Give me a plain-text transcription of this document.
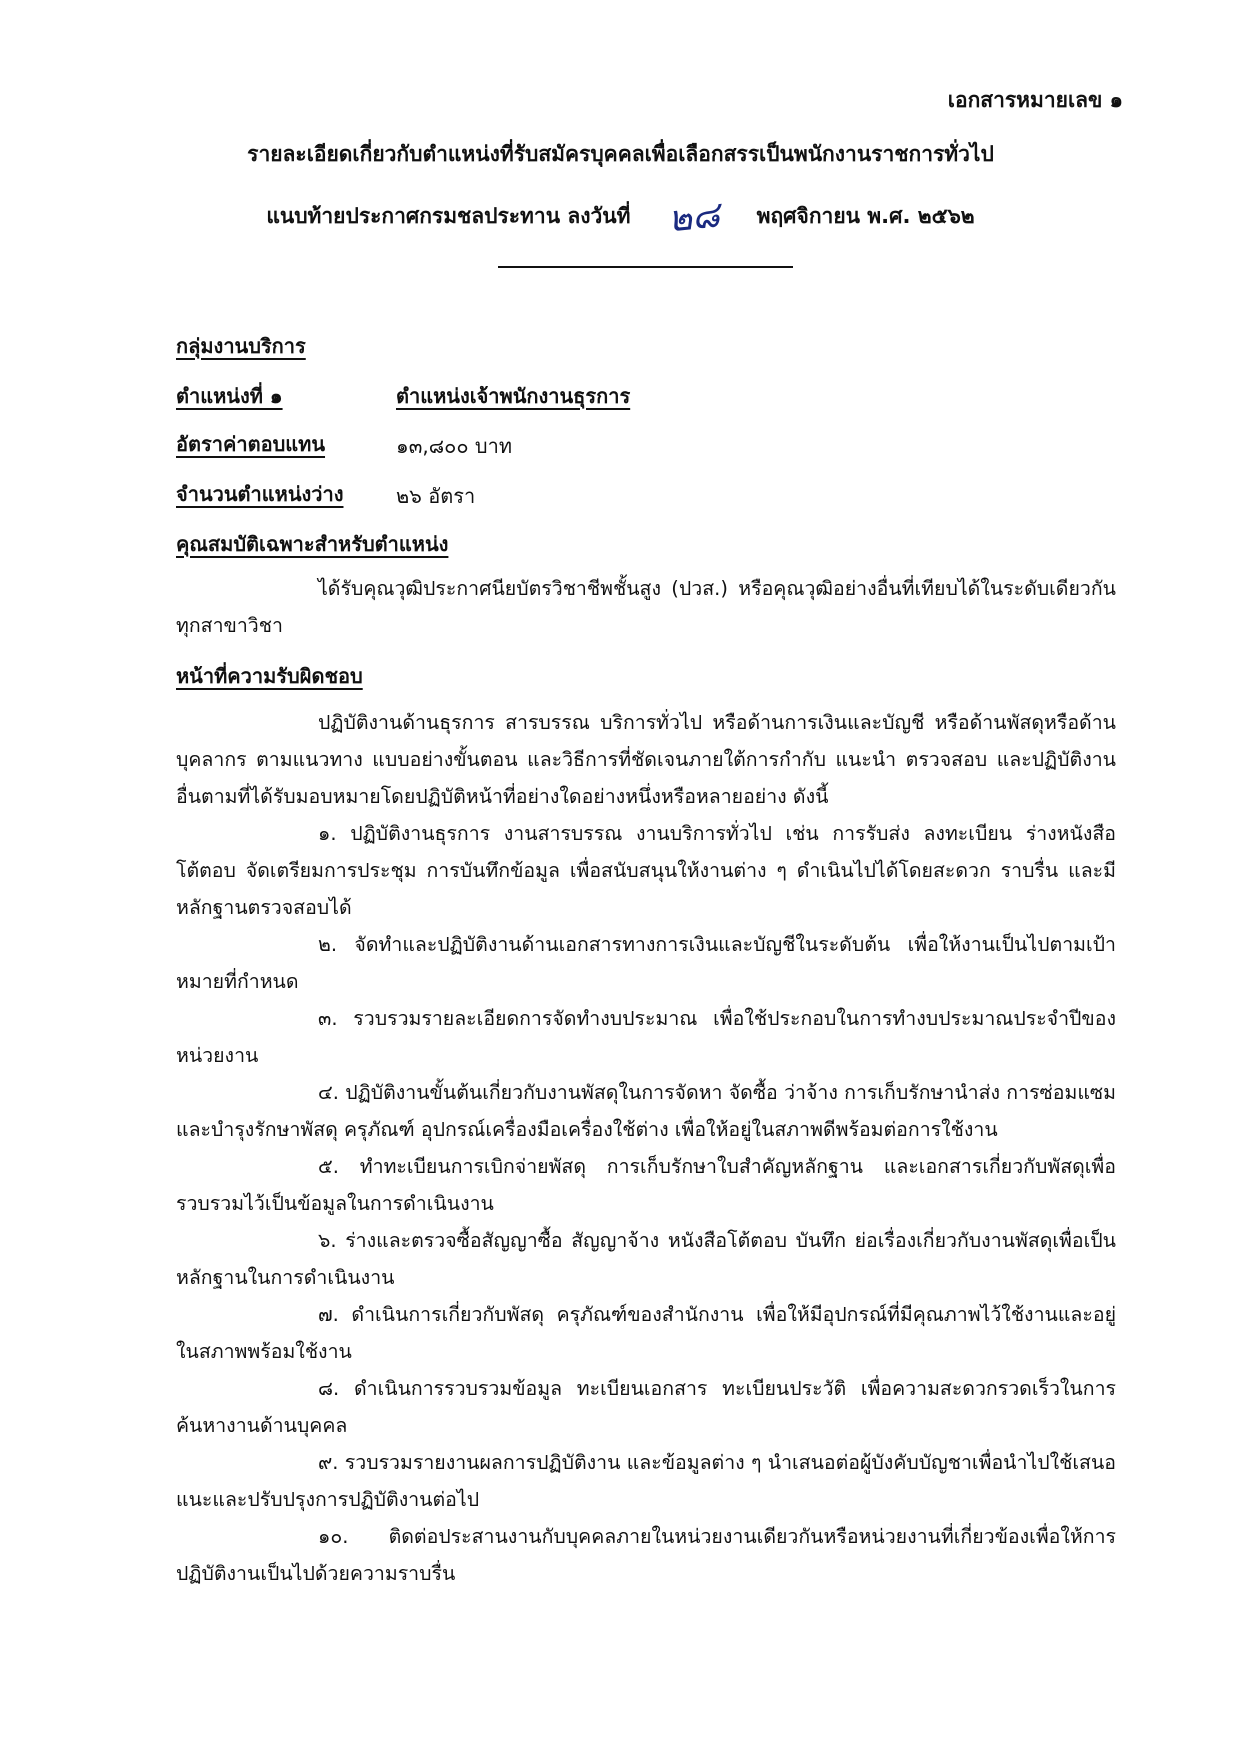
เอกสารหมายเลข ๑
รายละเอียดเกี่ยวกับตำแหน่งที่รับสมัครบุคคลเพื่อเลือกสรรเป็นพนักงานราชการทั่วไป
แนบท้ายประกาศกรมชลประทาน ลงวันที่ ๒๘ พฤศจิกายน พ.ศ. ๒๕๖๒
กลุ่มงานบริการ
ตำแหน่งที่ ๑	ตำแหน่งเจ้าพนักงานธุรการ
อัตราค่าตอบแทน	๑๓,๘๐๐ บาท
จำนวนตำแหน่งว่าง	๒๖ อัตรา
คุณสมบัติเฉพาะสำหรับตำแหน่ง

ได้รับคุณวุฒิประกาศนียบัตรวิชาชีพชั้นสูง (ปวส.) หรือคุณวุฒิอย่างอื่นที่เทียบได้ในระดับเดียวกัน ทุกสาขาวิชา

หน้าที่ความรับผิดชอบ

ปฏิบัติงานด้านธุรการ สารบรรณ บริการทั่วไป หรือด้านการเงินและบัญชี หรือด้านพัสดุหรือด้านบุคลากร ตามแนวทาง แบบอย่างขั้นตอน และวิธีการที่ชัดเจนภายใต้การกำกับ แนะนำ ตรวจสอบ และปฏิบัติงานอื่นตามที่ได้รับมอบหมายโดยปฏิบัติหน้าที่อย่างใดอย่างหนึ่งหรือหลายอย่าง ดังนี้

๑. ปฏิบัติงานธุรการ งานสารบรรณ งานบริการทั่วไป เช่น การรับส่ง ลงทะเบียน ร่างหนังสือโต้ตอบ จัดเตรียมการประชุม การบันทึกข้อมูล เพื่อสนับสนุนให้งานต่าง ๆ ดำเนินไปได้โดยสะดวก ราบรื่น และมีหลักฐานตรวจสอบได้

๒. จัดทำและปฏิบัติงานด้านเอกสารทางการเงินและบัญชีในระดับต้น เพื่อให้งานเป็นไปตามเป้าหมายที่กำหนด

๓. รวบรวมรายละเอียดการจัดทำงบประมาณ เพื่อใช้ประกอบในการทำงบประมาณประจำปีของหน่วยงาน

๔. ปฏิบัติงานขั้นต้นเกี่ยวกับงานพัสดุในการจัดหา จัดซื้อ ว่าจ้าง การเก็บรักษานำส่ง การซ่อมแซมและบำรุงรักษาพัสดุ ครุภัณฑ์ อุปกรณ์เครื่องมือเครื่องใช้ต่าง เพื่อให้อยู่ในสภาพดีพร้อมต่อการใช้งาน

๕. ทำทะเบียนการเบิกจ่ายพัสดุ การเก็บรักษาใบสำคัญหลักฐาน และเอกสารเกี่ยวกับพัสดุเพื่อรวบรวมไว้เป็นข้อมูลในการดำเนินงาน

๖. ร่างและตรวจซื้อสัญญาซื้อ สัญญาจ้าง หนังสือโต้ตอบ บันทึก ย่อเรื่องเกี่ยวกับงานพัสดุเพื่อเป็นหลักฐานในการดำเนินงาน

๗. ดำเนินการเกี่ยวกับพัสดุ ครุภัณฑ์ของสำนักงาน เพื่อให้มีอุปกรณ์ที่มีคุณภาพไว้ใช้งานและอยู่ในสภาพพร้อมใช้งาน

๘. ดำเนินการรวบรวมข้อมูล ทะเบียนเอกสาร ทะเบียนประวัติ เพื่อความสะดวกรวดเร็วในการค้นหางานด้านบุคคล

๙. รวบรวมรายงานผลการปฏิบัติงาน และข้อมูลต่าง ๆ นำเสนอต่อผู้บังคับบัญชาเพื่อนำไปใช้เสนอแนะและปรับปรุงการปฏิบัติงานต่อไป

๑๐. ติดต่อประสานงานกับบุคคลภายในหน่วยงานเดียวกันหรือหน่วยงานที่เกี่ยวข้องเพื่อให้การปฏิบัติงานเป็นไปด้วยความราบรื่น
